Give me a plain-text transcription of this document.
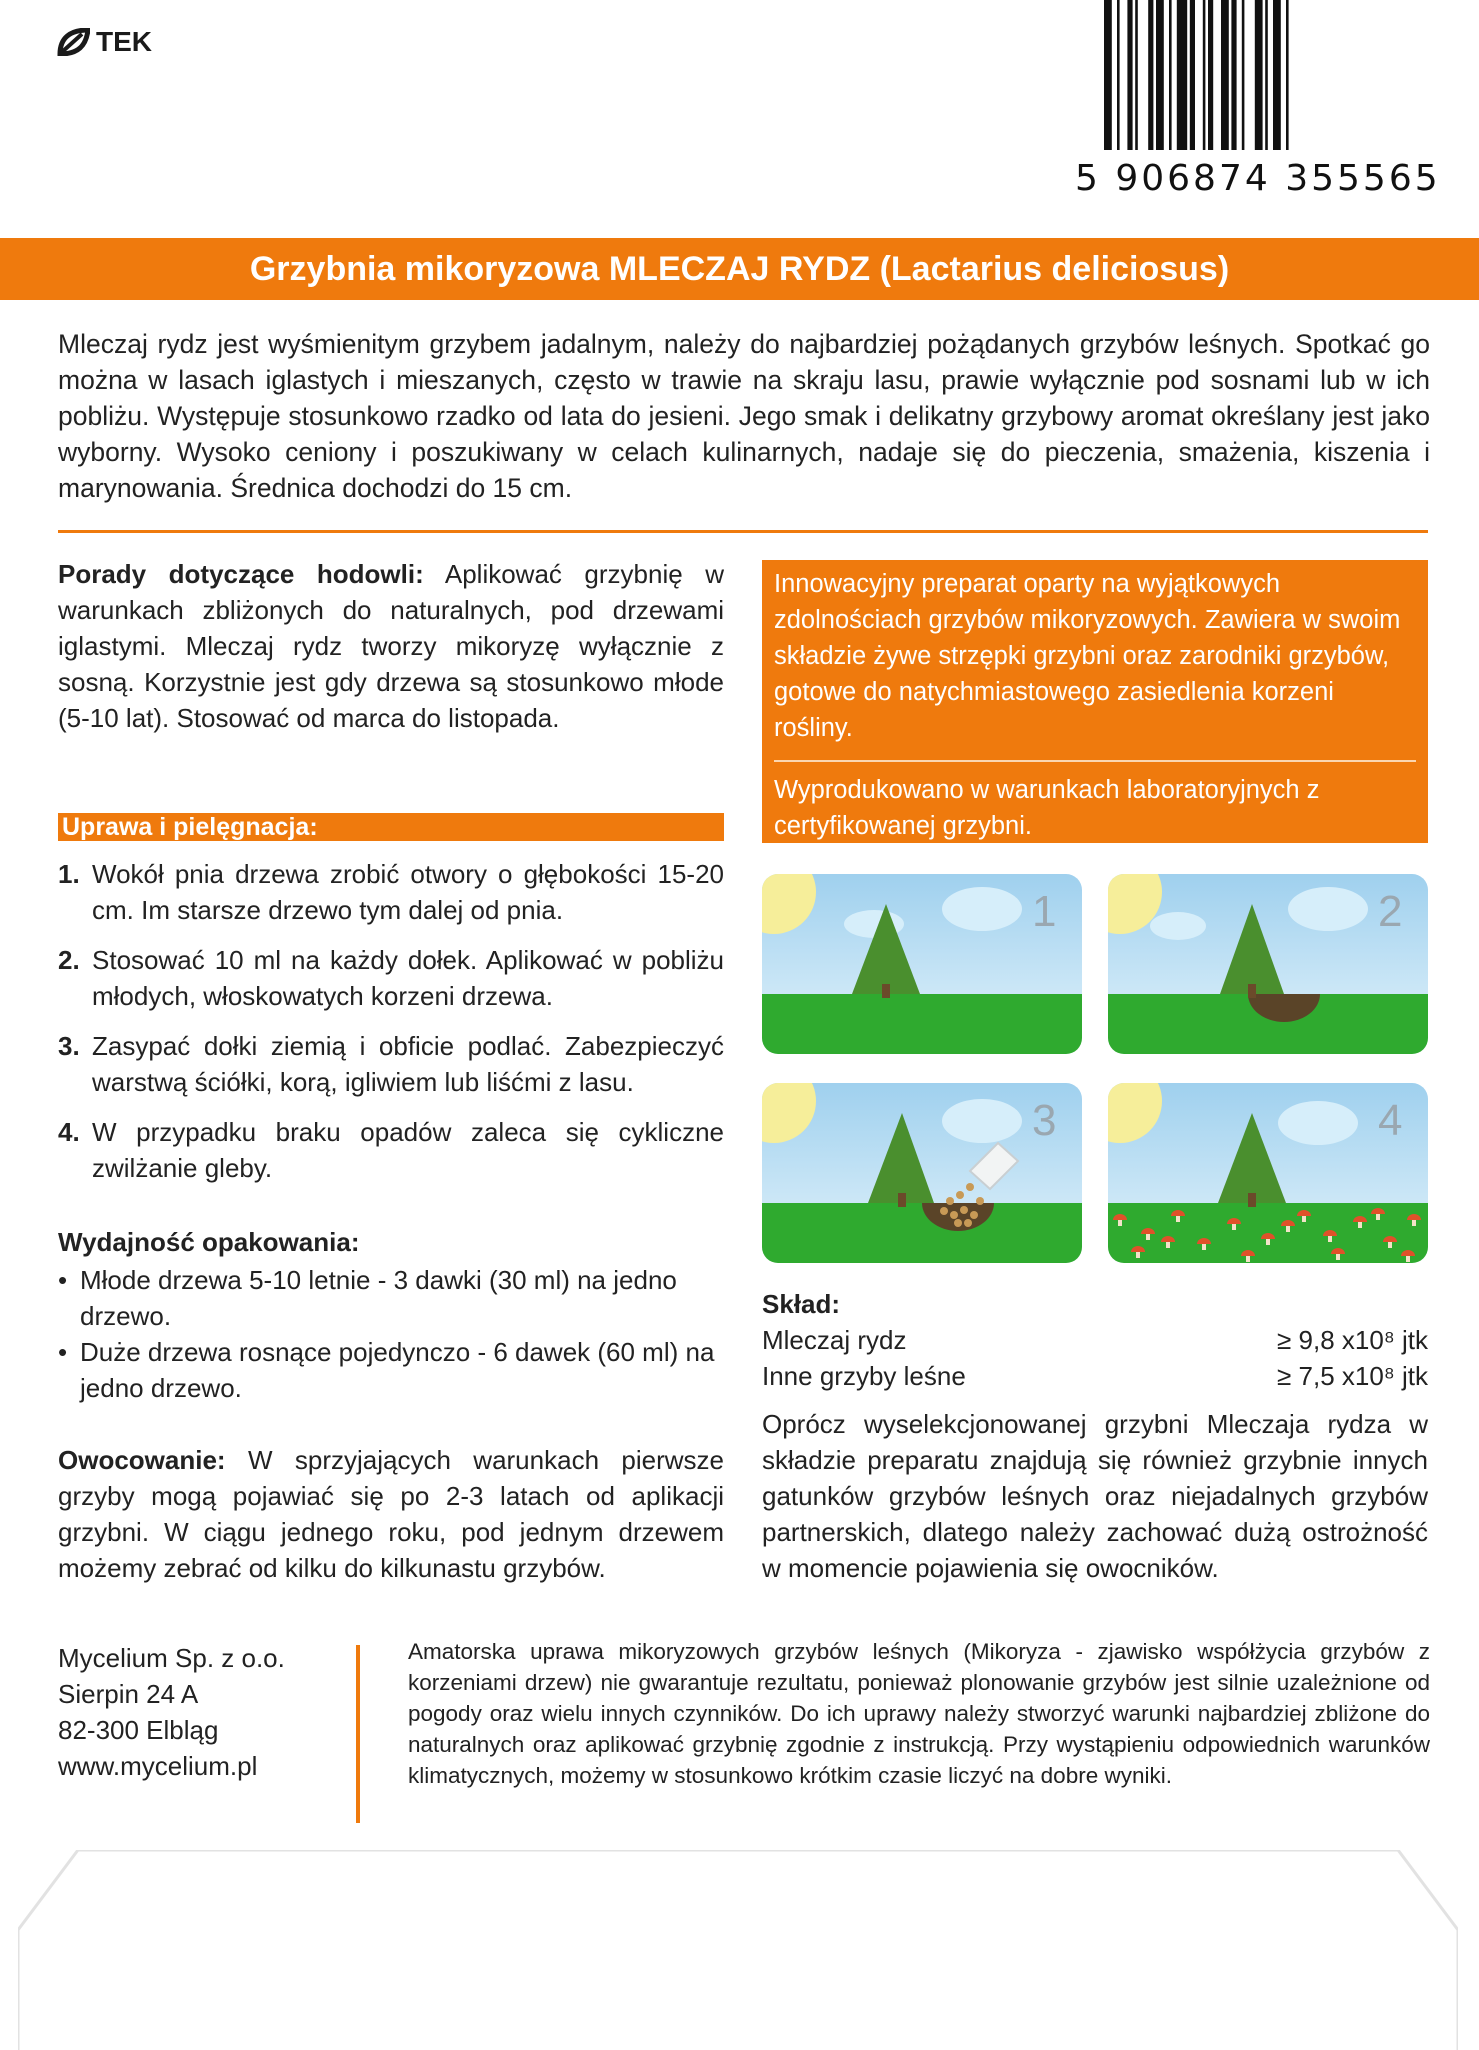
TEK
5 906874 355565
Grzybnia mikoryzowa MLECZAJ RYDZ (Lactarius deliciosus)
Mleczaj rydz jest wyśmienitym grzybem jadalnym, należy do najbardziej pożądanych grzybów leśnych. Spotkać go można w lasach iglastych i mieszanych, często w trawie na skraju lasu, prawie wyłącznie pod sosnami lub w ich pobliżu. Występuje stosunkowo rzadko od lata do jesieni. Jego smak i delikatny grzybowy aromat określany jest jako wyborny. Wysoko ceniony i poszukiwany w celach kulinarnych, nadaje się do pieczenia, smażenia, kiszenia i marynowania. Średnica dochodzi do 15 cm.
Porady dotyczące hodowli: Aplikować grzybnię w warunkach zbliżonych do naturalnych, pod drzewami iglastymi. Mleczaj rydz tworzy mikoryzę wyłącznie z sosną. Korzystnie jest gdy drzewa są stosunkowo młode (5-10 lat). Stosować od marca do listopada.
Uprawa i pielęgnacja:
1. Wokół pnia drzewa zrobić otwory o głębokości 15-20 cm. Im starsze drzewo tym dalej od pnia.
2. Stosować 10 ml na każdy dołek. Aplikować w pobliżu młodych, włoskowatych korzeni drzewa.
3. Zasypać dołki ziemią i obficie podlać. Zabezpieczyć warstwą ściółki, korą, igliwiem lub liśćmi z lasu.
4. W przypadku braku opadów zaleca się cykliczne zwilżanie gleby.
Wydajność opakowania:
• Młode drzewa 5-10 letnie - 3 dawki (30 ml) na jedno drzewo.
• Duże drzewa rosnące pojedynczo - 6 dawek (60 ml) na jedno drzewo.
Owocowanie: W sprzyjających warunkach pierwsze grzyby mogą pojawiać się po 2-3 latach od aplikacji grzybni. W ciągu jednego roku, pod jednym drzewem możemy zebrać od kilku do kilkunastu grzybów.
Innowacyjny preparat oparty na wyjątkowych zdolnościach grzybów mikoryzowych. Zawiera w swoim składzie żywe strzępki grzybni oraz zarodniki grzybów, gotowe do natychmiastowego zasiedlenia korzeni rośliny.
Wyprodukowano w warunkach laboratoryjnych z certyfikowanej grzybni.
1	2
3	4
Skład:
Mleczaj rydz	≥ 9,8 x10⁸ jtk
Inne grzyby leśne	≥ 7,5 x10⁸ jtk
Oprócz wyselekcjonowanej grzybni Mleczaja rydza w składzie preparatu znajdują się również grzybnie innych gatunków grzybów leśnych oraz niejadalnych grzybów partnerskich, dlatego należy zachować dużą ostrożność w momencie pojawienia się owocników.
Mycelium Sp. z o.o.
Sierpin 24 A
82-300 Elbląg
www.mycelium.pl
Amatorska uprawa mikoryzowych grzybów leśnych (Mikoryza - zjawisko współżycia grzybów z korzeniami drzew) nie gwarantuje rezultatu, ponieważ plonowanie grzybów jest silnie uzależnione od pogody oraz wielu innych czynników. Do ich uprawy należy stworzyć warunki najbardziej zbliżone do naturalnych oraz aplikować grzybnię zgodnie z instrukcją. Przy wystąpieniu odpowiednich warunków klimatycznych, możemy w stosunkowo krótkim czasie liczyć na dobre wyniki.
